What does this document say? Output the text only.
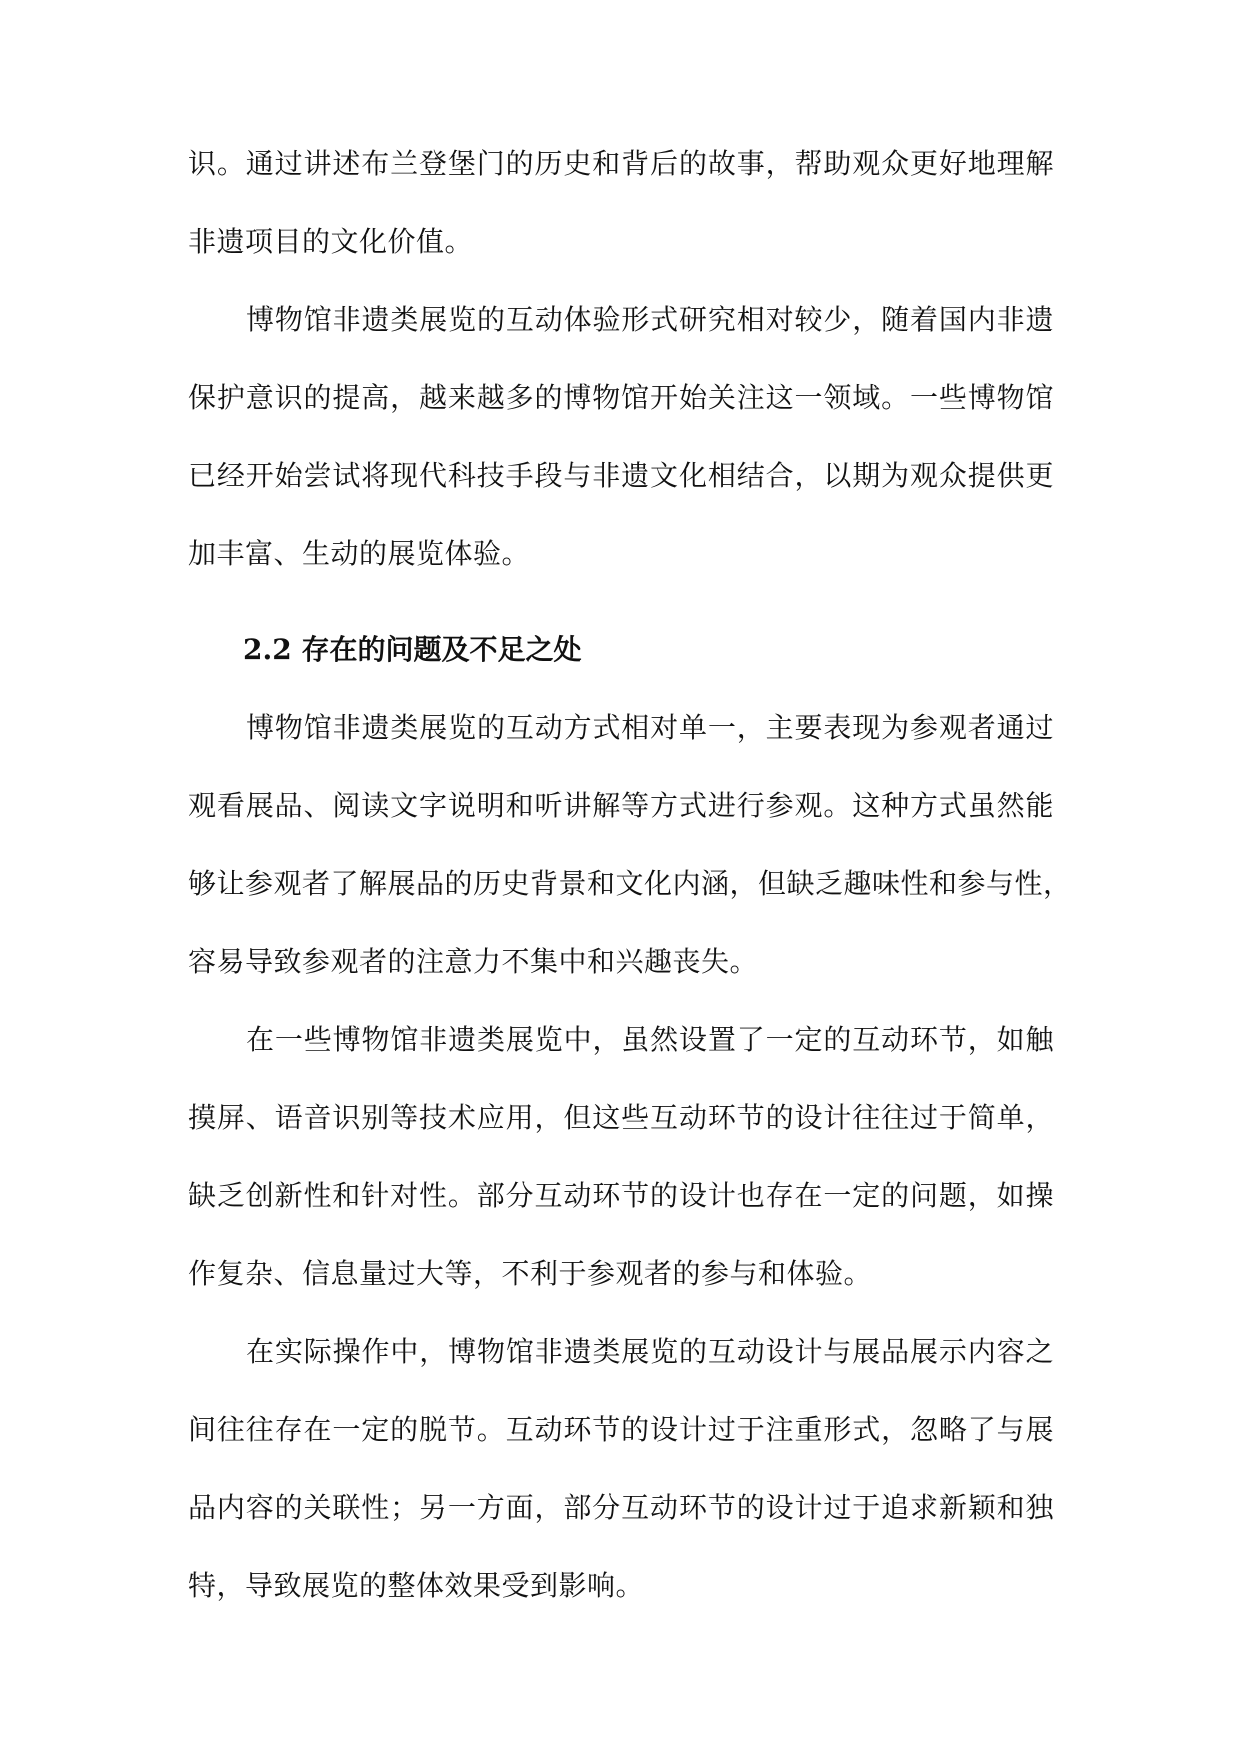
识。通过讲述布兰登堡门的历史和背后的故事，帮助观众更好地理解
非遗项目的文化价值。
博物馆非遗类展览的互动体验形式研究相对较少，随着国内非遗
保护意识的提高，越来越多的博物馆开始关注这一领域。一些博物馆
已经开始尝试将现代科技手段与非遗文化相结合，以期为观众提供更
加丰富、生动的展览体验。
2.2 存在的问题及不足之处
博物馆非遗类展览的互动方式相对单一，主要表现为参观者通过
观看展品、阅读文字说明和听讲解等方式进行参观。这种方式虽然能
够让参观者了解展品的历史背景和文化内涵，但缺乏趣味性和参与性，
容易导致参观者的注意力不集中和兴趣丧失。
在一些博物馆非遗类展览中，虽然设置了一定的互动环节，如触
摸屏、语音识别等技术应用，但这些互动环节的设计往往过于简单，
缺乏创新性和针对性。部分互动环节的设计也存在一定的问题，如操
作复杂、信息量过大等，不利于参观者的参与和体验。
在实际操作中，博物馆非遗类展览的互动设计与展品展示内容之
间往往存在一定的脱节。互动环节的设计过于注重形式，忽略了与展
品内容的关联性；另一方面，部分互动环节的设计过于追求新颖和独
特，导致展览的整体效果受到影响。
